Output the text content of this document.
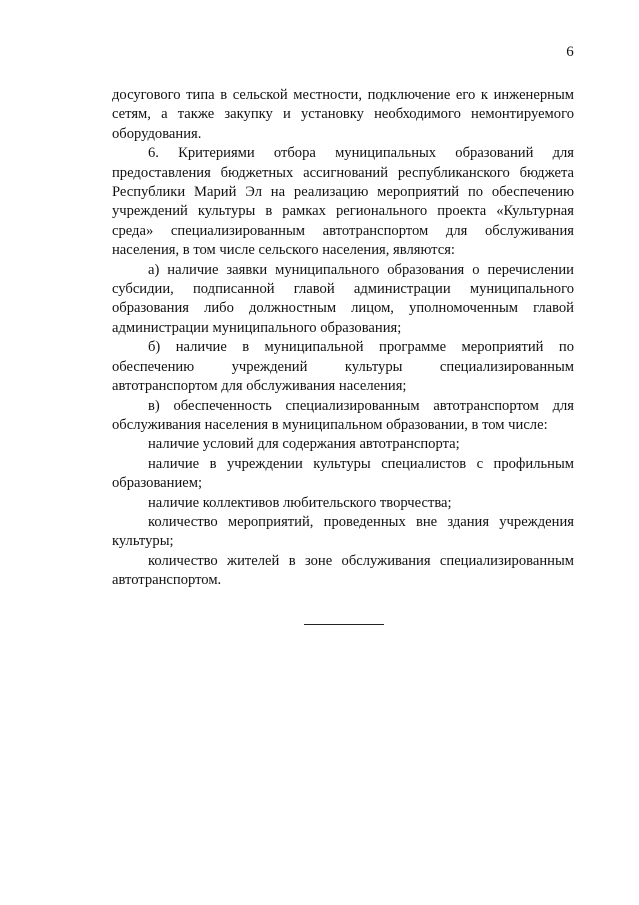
6

досугового типа в сельской местности, подключение его к инженерным сетям, а также закупку и установку необходимого немонтируемого оборудования.

6. Критериями отбора муниципальных образований для предоставления бюджетных ассигнований республиканского бюджета Республики Марий Эл на реализацию мероприятий по обеспечению учреждений культуры в рамках регионального проекта «Культурная среда» специализированным автотранспортом для обслуживания населения, в том числе сельского населения, являются:

а) наличие заявки муниципального образования о перечислении субсидии, подписанной главой администрации муниципального образования либо должностным лицом, уполномоченным главой администрации муниципального образования;

б) наличие в муниципальной программе мероприятий по обеспечению учреждений культуры специализированным автотранспортом для обслуживания населения;

в) обеспеченность специализированным автотранспортом для обслуживания населения в муниципальном образовании, в том числе:

наличие условий для содержания автотранспорта;

наличие в учреждении культуры специалистов с профильным образованием;

наличие коллективов любительского творчества;

количество мероприятий, проведенных вне здания учреждения культуры;

количество жителей в зоне обслуживания специализированным автотранспортом.
